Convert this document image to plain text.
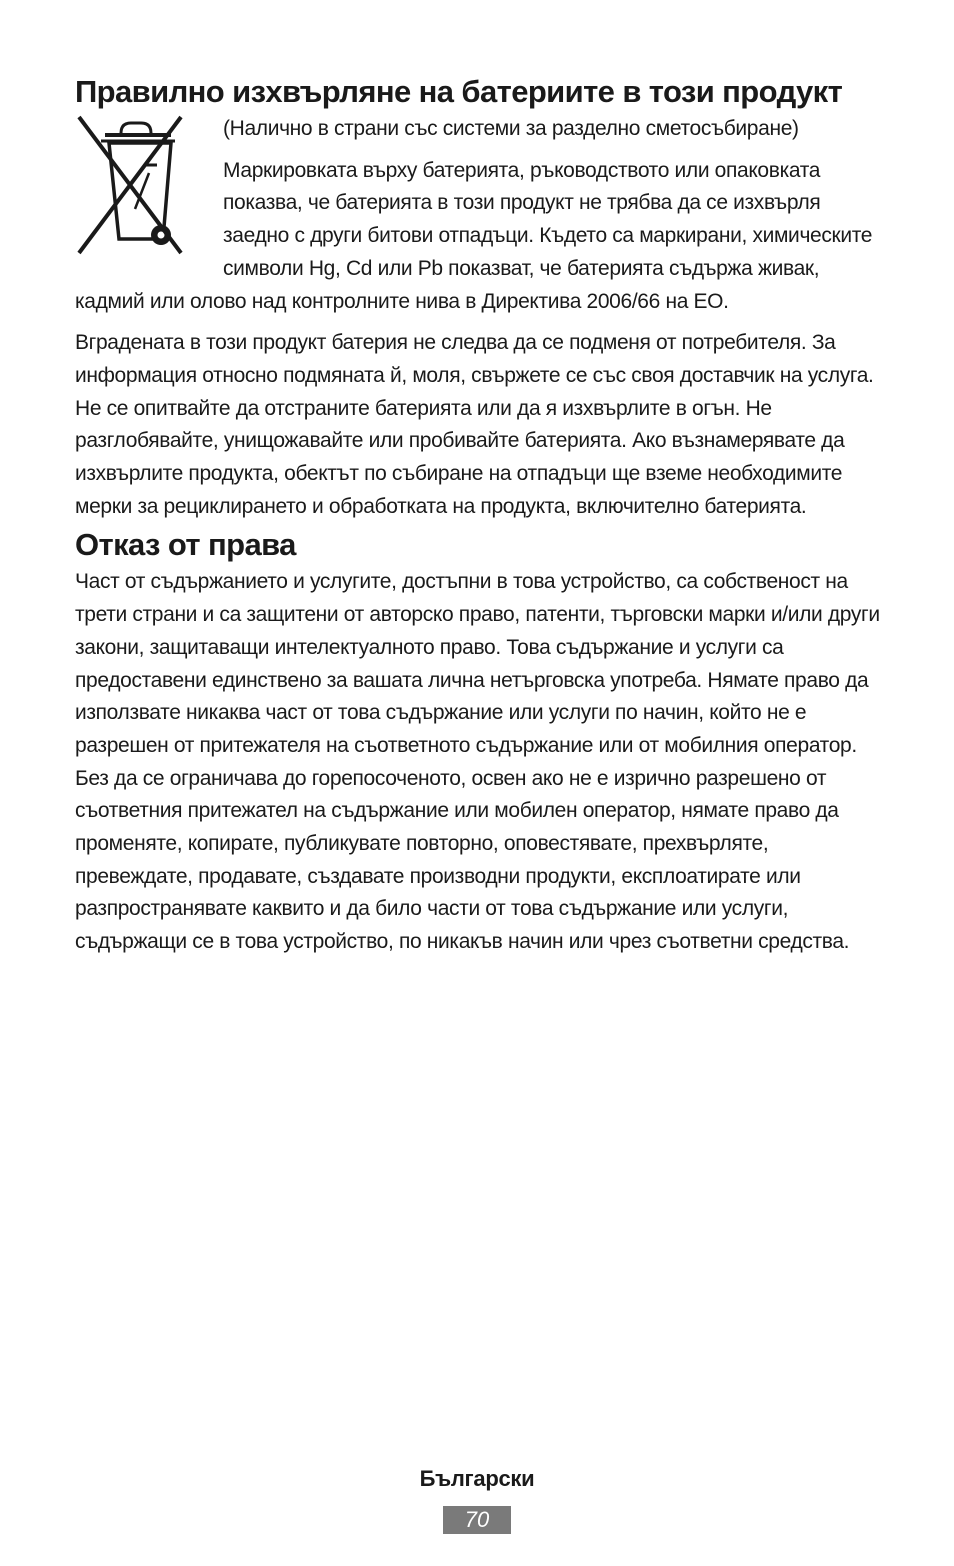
Правилно изхвърляне на батериите в този продукт

(Налично в страни със системи за разделно сметосъбиране)

Маркировката върху батерията, ръководството или опаковката показва, че батерията в този продукт не трябва да се изхвърля заедно с други битови отпадъци. Където са маркирани, химическите символи Hg, Cd или Pb показват, че батерията съдържа живак, кадмий или олово над контролните нива в Директива 2006/66 на ЕО.

Вградената в този продукт батерия не следва да се подменя от потребителя. За информация относно подмяната й, моля, свържете се със своя доставчик на услуга. Не се опитвайте да отстраните батерията или да я изхвърлите в огън. Не разглобявайте, унищожавайте или пробивайте батерията. Ако възнамерявате да изхвърлите продукта, обектът по събиране на отпадъци ще вземе необходимите мерки за рециклирането и обработката на продукта, включително батерията.

Отказ от права

Част от съдържанието и услугите, достъпни в това устройство, са собственост на трети страни и са защитени от авторско право, патенти, търговски марки и/или други закони, защитаващи интелектуалното право. Това съдържание и услуги са предоставени единствено за вашата лична нетърговска употреба. Нямате право да използвате никаква част от това съдържание или услуги по начин, който не е разрешен от притежателя на съответното съдържание или от мобилния оператор. Без да се ограничава до горепосоченото, освен ако не е изрично разрешено от съответния притежател на съдържание или мобилен оператор, нямате право да променяте, копирате, публикувате повторно, оповестявате, прехвърляте, превеждате, продавате, създавате производни продукти, експлоатирате или разпространявате каквито и да било части от това съдържание или услуги, съдържащи се в това устройство, по никакъв начин или чрез съответни средства.

Български
70
